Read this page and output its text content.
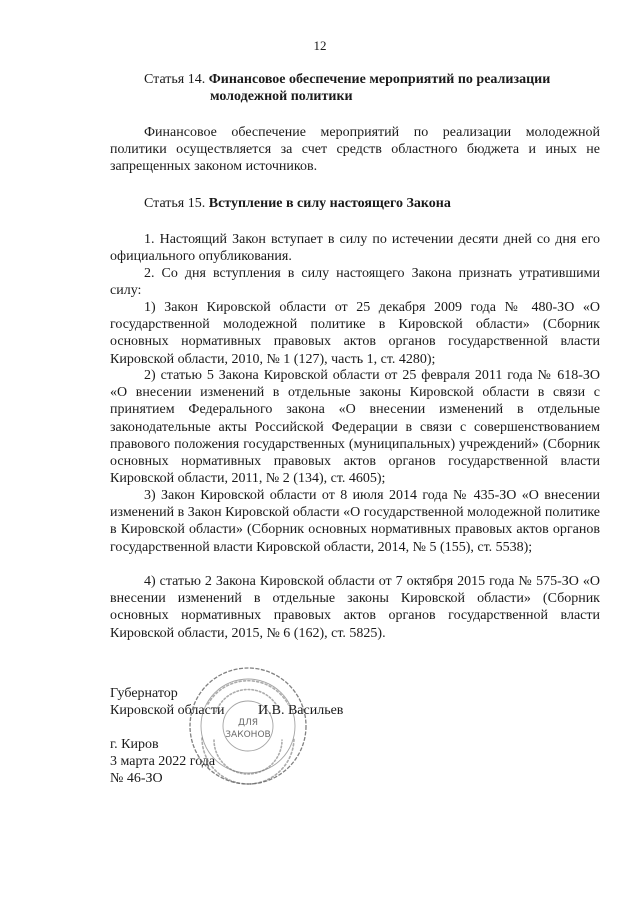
12
Статья 14. Финансовое обеспечение мероприятий по реализации
молодежной политики

Финансовое обеспечение мероприятий по реализации молодежной политики осуществляется за счет средств областного бюджета и иных не запрещенных законом источников.

Статья 15. Вступление в силу настоящего Закона

1. Настоящий Закон вступает в силу по истечении десяти дней со дня его официального опубликования.

2. Со дня вступления в силу настоящего Закона признать утратившими силу:

1) Закон Кировской области от 25 декабря 2009 года № 480-ЗО «О государственной молодежной политике в Кировской области» (Сборник основных нормативных правовых актов органов государственной власти Кировской области, 2010, № 1 (127), часть 1, ст. 4280);

2) статью 5 Закона Кировской области от 25 февраля 2011 года № 618-ЗО «О внесении изменений в отдельные законы Кировской области в связи с принятием Федерального закона «О внесении изменений в отдельные законодательные акты Российской Федерации в связи с совершенствованием правового положения государственных (муниципальных) учреждений» (Сборник основных нормативных правовых актов органов государственной власти Кировской области, 2011, № 2 (134), ст. 4605);

3) Закон Кировской области от 8 июля 2014 года № 435-ЗО «О внесении изменений в Закон Кировской области «О государственной молодежной политике в Кировской области» (Сборник основных нормативных правовых актов органов государственной власти Кировской области, 2014, № 5 (155), ст. 5538);

4) статью 2 Закона Кировской области от 7 октября 2015 года № 575-ЗО «О внесении изменений в отдельные законы Кировской области» (Сборник основных нормативных правовых актов органов государственной власти Кировской области, 2015, № 6 (162), ст. 5825).

Губернатор
Кировской области И.В. Васильев
г. Киров
3 марта 2022 года
№ 46-ЗО
ДЛЯ
ЗАКОНОВ
